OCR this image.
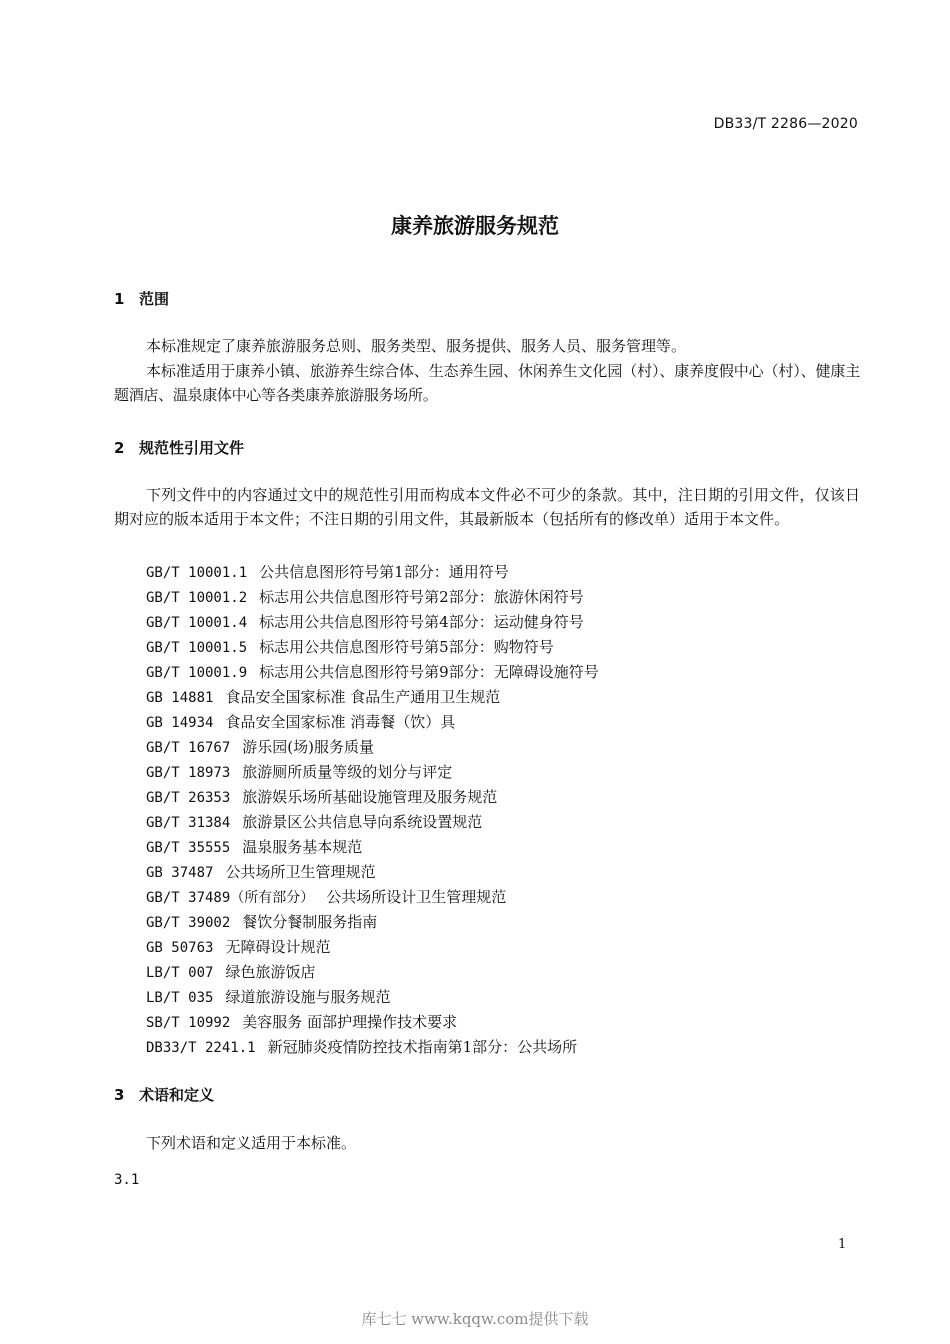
DB33/T 2286—2020
康养旅游服务规范
1 范围
本标准规定了康养旅游服务总则、服务类型、服务提供、服务人员、服务管理等。
本标准适用于康养小镇、旅游养生综合体、生态养生园、休闲养生文化园（村）、康养度假中心（村）、健康主题酒店、温泉康体中心等各类康养旅游服务场所。
2 规范性引用文件
下列文件中的内容通过文中的规范性引用而构成本文件必不可少的条款。其中，注日期的引用文件，仅该日期对应的版本适用于本文件；不注日期的引用文件，其最新版本（包括所有的修改单）适用于本文件。
GB/T 10001.1 公共信息图形符号第1部分：通用符号
GB/T 10001.2 标志用公共信息图形符号第2部分：旅游休闲符号
GB/T 10001.4 标志用公共信息图形符号第4部分：运动健身符号
GB/T 10001.5 标志用公共信息图形符号第5部分：购物符号
GB/T 10001.9 标志用公共信息图形符号第9部分：无障碍设施符号
GB 14881 食品安全国家标准 食品生产通用卫生规范
GB 14934 食品安全国家标准 消毒餐（饮）具
GB/T 16767 游乐园(场)服务质量
GB/T 18973 旅游厕所质量等级的划分与评定
GB/T 26353 旅游娱乐场所基础设施管理及服务规范
GB/T 31384 旅游景区公共信息导向系统设置规范
GB/T 35555 温泉服务基本规范
GB 37487 公共场所卫生管理规范
GB/T 37489（所有部分） 公共场所设计卫生管理规范
GB/T 39002 餐饮分餐制服务指南
GB 50763 无障碍设计规范
LB/T 007 绿色旅游饭店
LB/T 035 绿道旅游设施与服务规范
SB/T 10992 美容服务 面部护理操作技术要求
DB33/T 2241.1 新冠肺炎疫情防控技术指南第1部分：公共场所
3 术语和定义
下列术语和定义适用于本标准。
3.1
1
库七七 www.kqqw.com提供下载
